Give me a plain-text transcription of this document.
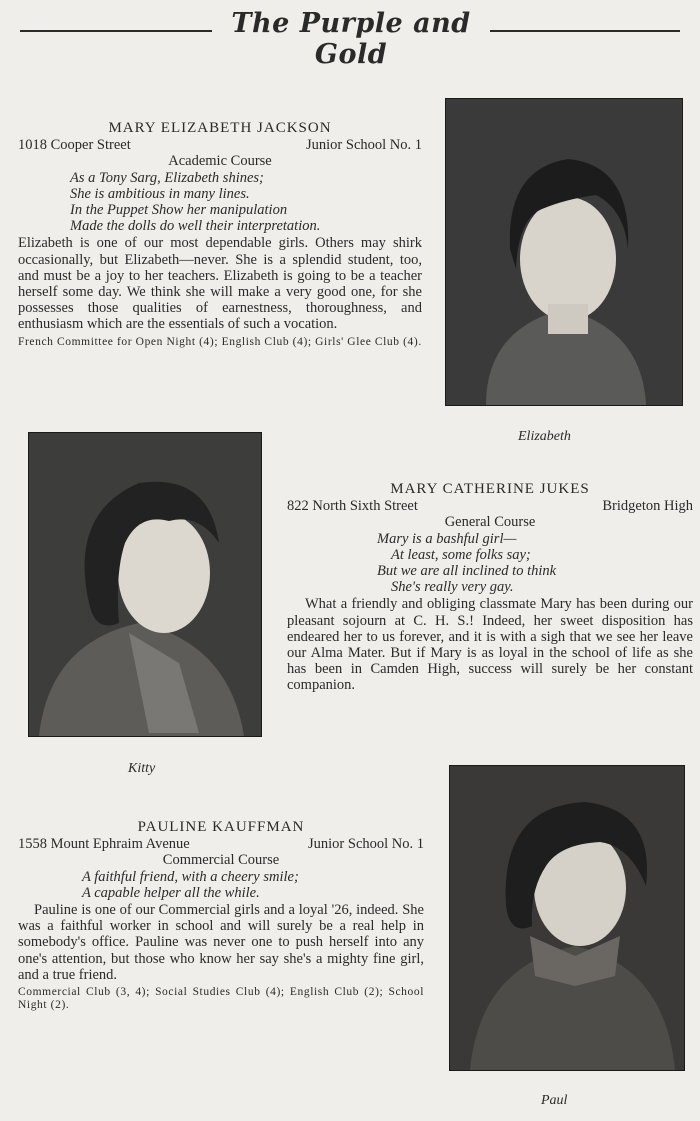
The Purple and Gold
MARY ELIZABETH JACKSON
1018 Cooper Street	Junior School No. 1
Academic Course
As a Tony Sarg, Elizabeth shines;
She is ambitious in many lines.
In the Puppet Show her manipulation
Made the dolls do well their interpretation.
Elizabeth is one of our most dependable girls. Others may shirk occasionally, but Elizabeth—never. She is a splendid student, too, and must be a joy to her teachers. Elizabeth is going to be a teacher herself some day. We think she will make a very good one, for she possesses those qualities of earnestness, thoroughness, and enthusiasm which are the essentials of such a vocation.
French Committee for Open Night (4); English Club (4); Girls' Glee Club (4).
Elizabeth
Kitty
MARY CATHERINE JUKES
822 North Sixth Street	Bridgeton High
General Course
Mary is a bashful girl—
At least, some folks say;
But we are all inclined to think
She's really very gay.
What a friendly and obliging classmate Mary has been during our pleasant sojourn at C. H. S.! Indeed, her sweet disposition has endeared her to us forever, and it is with a sigh that we see her leave our Alma Mater. But if Mary is as loyal in the school of life as she has been in Camden High, success will surely be her constant companion.
PAULINE KAUFFMAN
1558 Mount Ephraim Avenue	Junior School No. 1
Commercial Course
A faithful friend, with a cheery smile;
A capable helper all the while.
Pauline is one of our Commercial girls and a loyal '26, indeed. She was a faithful worker in school and will surely be a real help in somebody's office. Pauline was never one to push herself into any one's attention, but those who know her say she's a mighty fine girl, and a true friend.
Commercial Club (3, 4); Social Studies Club (4); English Club (2); School Night (2).
Paul
